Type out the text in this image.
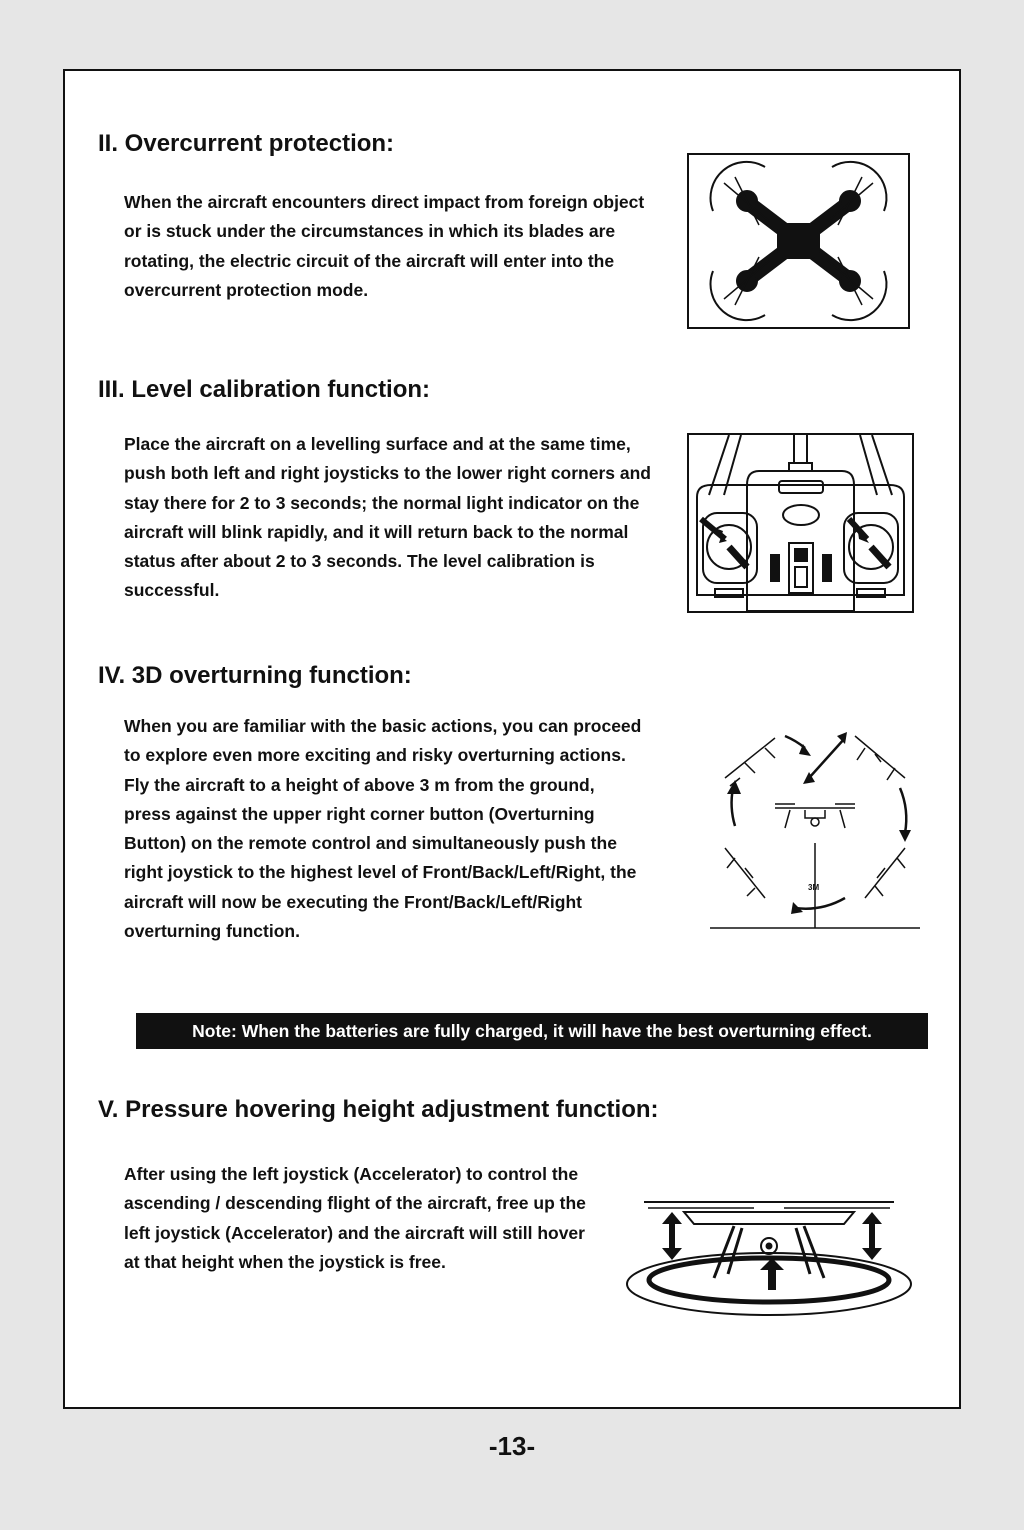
II. Overcurrent protection:

When the aircraft encounters direct impact from foreign object or is stuck under the circumstances in which its blades are rotating, the electric circuit of the aircraft will enter into the overcurrent protection mode.

III. Level calibration function:

Place the aircraft on a levelling surface and at the same time, push both left and right joysticks to the lower right corners and stay there for 2 to 3 seconds; the normal light indicator on the aircraft will blink rapidly, and it will return back to the normal status after about 2 to 3 seconds. The level calibration is successful.

IV. 3D overturning function:

When you are familiar with the basic actions, you can proceed to explore even more exciting and risky overturning actions. Fly the aircraft to a height of above 3 m from the ground, press against the upper right corner button (Overturning Button) on the remote control and simultaneously push the right joystick to the highest level of Front/Back/Left/Right, the aircraft will now be executing the Front/Back/Left/Right overturning function.

3M
Note: When the batteries are fully charged, it will have the best overturning effect.
V. Pressure hovering height adjustment function:

After using the left joystick (Accelerator) to control the ascending / descending flight of the aircraft, free up the left joystick (Accelerator) and the aircraft will still hover at that height when the joystick is free.

-13-
